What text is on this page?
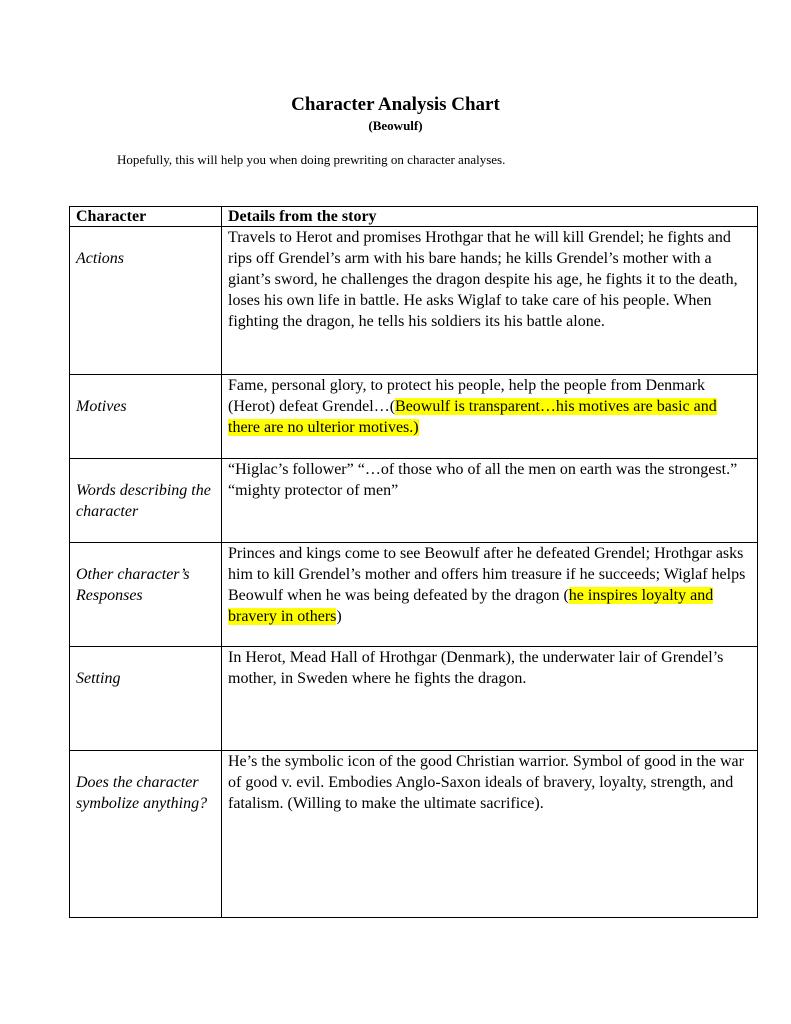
Character Analysis Chart
(Beowulf)
Hopefully, this will help you when doing prewriting on character analyses.
Character	Details from the story

Actions	Travels to Herot and promises Hrothgar that he will kill Grendel; he fights and rips off Grendel’s arm with his bare hands; he kills Grendel’s mother with a giant’s sword, he challenges the dragon despite his age, he fights it to the death, loses his own life in battle. He asks Wiglaf to take care of his people. When fighting the dragon, he tells his soldiers its his battle alone.

Motives	Fame, personal glory, to protect his people, help the people from Denmark (Herot) defeat Grendel…(Beowulf is transparent…his motives are basic and there are no ulterior motives.)

Words describing the character	“Higlac’s follower” “…of those who of all the men on earth was the strongest.” “mighty protector of men”

Other character’s Responses	Princes and kings come to see Beowulf after he defeated Grendel; Hrothgar asks him to kill Grendel’s mother and offers him treasure if he succeeds; Wiglaf helps Beowulf when he was being defeated by the dragon (he inspires loyalty and bravery in others)

Setting	In Herot, Mead Hall of Hrothgar (Denmark), the underwater lair of Grendel’s mother, in Sweden where he fights the dragon.

Does the character symbolize anything?	He’s the symbolic icon of the good Christian warrior. Symbol of good in the war of good v. evil. Embodies Anglo-Saxon ideals of bravery, loyalty, strength, and fatalism. (Willing to make the ultimate sacrifice).
